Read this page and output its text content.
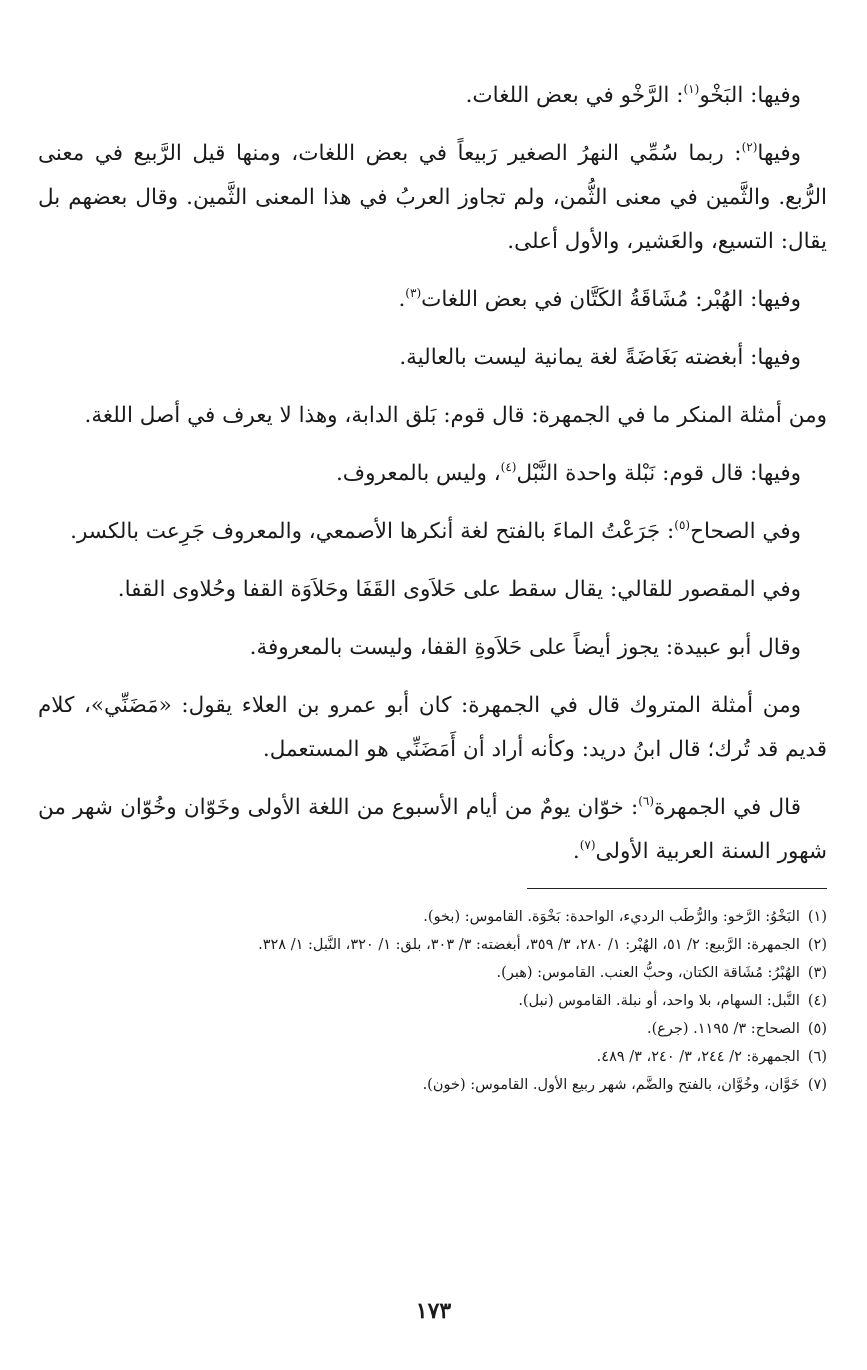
وفيها: البَخْو$^{(١)}$: الرَّخْو في بعض اللغات.

وفيها$^{(٢)}$: ربما سُمِّي النهرُ الصغير رَبيعاً في بعض اللغات، ومنها قيل الرَّبيع في معنى الرُّبع. والثَّمين في معنى الثُّمن، ولم تجاوز العربُ في هذا المعنى الثَّمين. وقال بعضهم بل يقال: التسيع، والعَشير، والأول أعلى.

وفيها: الهُبْر: مُشَاقَةُ الكَتَّان في بعض اللغات$^{(٣)}$.

وفيها: أبغضته بَغَاضَةً لغة يمانية ليست بالعالية.

ومن أمثلة المنكر ما في الجمهرة: قال قوم: بَلق الدابة، وهذا لا يعرف في أصل اللغة.

وفيها: قال قوم: نَبْلة واحدة النَّبْل$^{(٤)}$، وليس بالمعروف.

وفي الصحاح$^{(٥)}$: جَرَعْتُ الماءَ بالفتح لغة أنكرها الأصمعي، والمعروف جَرِعت بالكسر.

وفي المقصور للقالي: يقال سقط على حَلاَوى القَفَا وحَلاَوَة القفا وحُلاوى القفا.

وقال أبو عبيدة: يجوز أيضاً على حَلاَوةِ القفا، وليست بالمعروفة.

ومن أمثلة المتروك قال في الجمهرة: كان أبو عمرو بن العلاء يقول: «مَضَنِّي»، كلام قديم قد تُرك؛ قال ابنُ دريد: وكأنه أراد أن أَمَضَنِّي هو المستعمل.

قال في الجمهرة$^{(٦)}$: خوّان يومٌ من أيام الأسبوع من اللغة الأولى وخَوّان وخُوّان شهر من شهور السنة العربية الأولى$^{(٧)}$.

(١)
البَخْوُ: الرَّخو: والرُّطَب الرديء، الواحدة: بَخْوَة. القاموس: (بخو).
(٢)
الجمهرة: الرَّبيع: ٢/ ٥١، الهُبْر: ١/ ٢٨٠، ٣/ ٣٥٩، أبغضته: ٣/ ٣٠٣، بلق: ١/ ٣٢٠، النَّبل: ١/ ٣٢٨.
(٣)
الهُبْرُ: مُشَاقة الكتان، وحبُّ العنب. القاموس: (هبر).
(٤)
النَّبل: السهام، بلا واحد، أو نبلة. القاموس (نبل).
(٥)
الصحاح: ٣/ ١١٩٥. (جرع).
(٦)
الجمهرة: ٢/ ٢٤٤، ٣/ ٢٤٠، ٣/ ٤٨٩.
(٧)
خَوَّان، وخُوَّان، بالفتح والضَّم، شهر ربيع الأول. القاموس: (خون).
١٧٣
